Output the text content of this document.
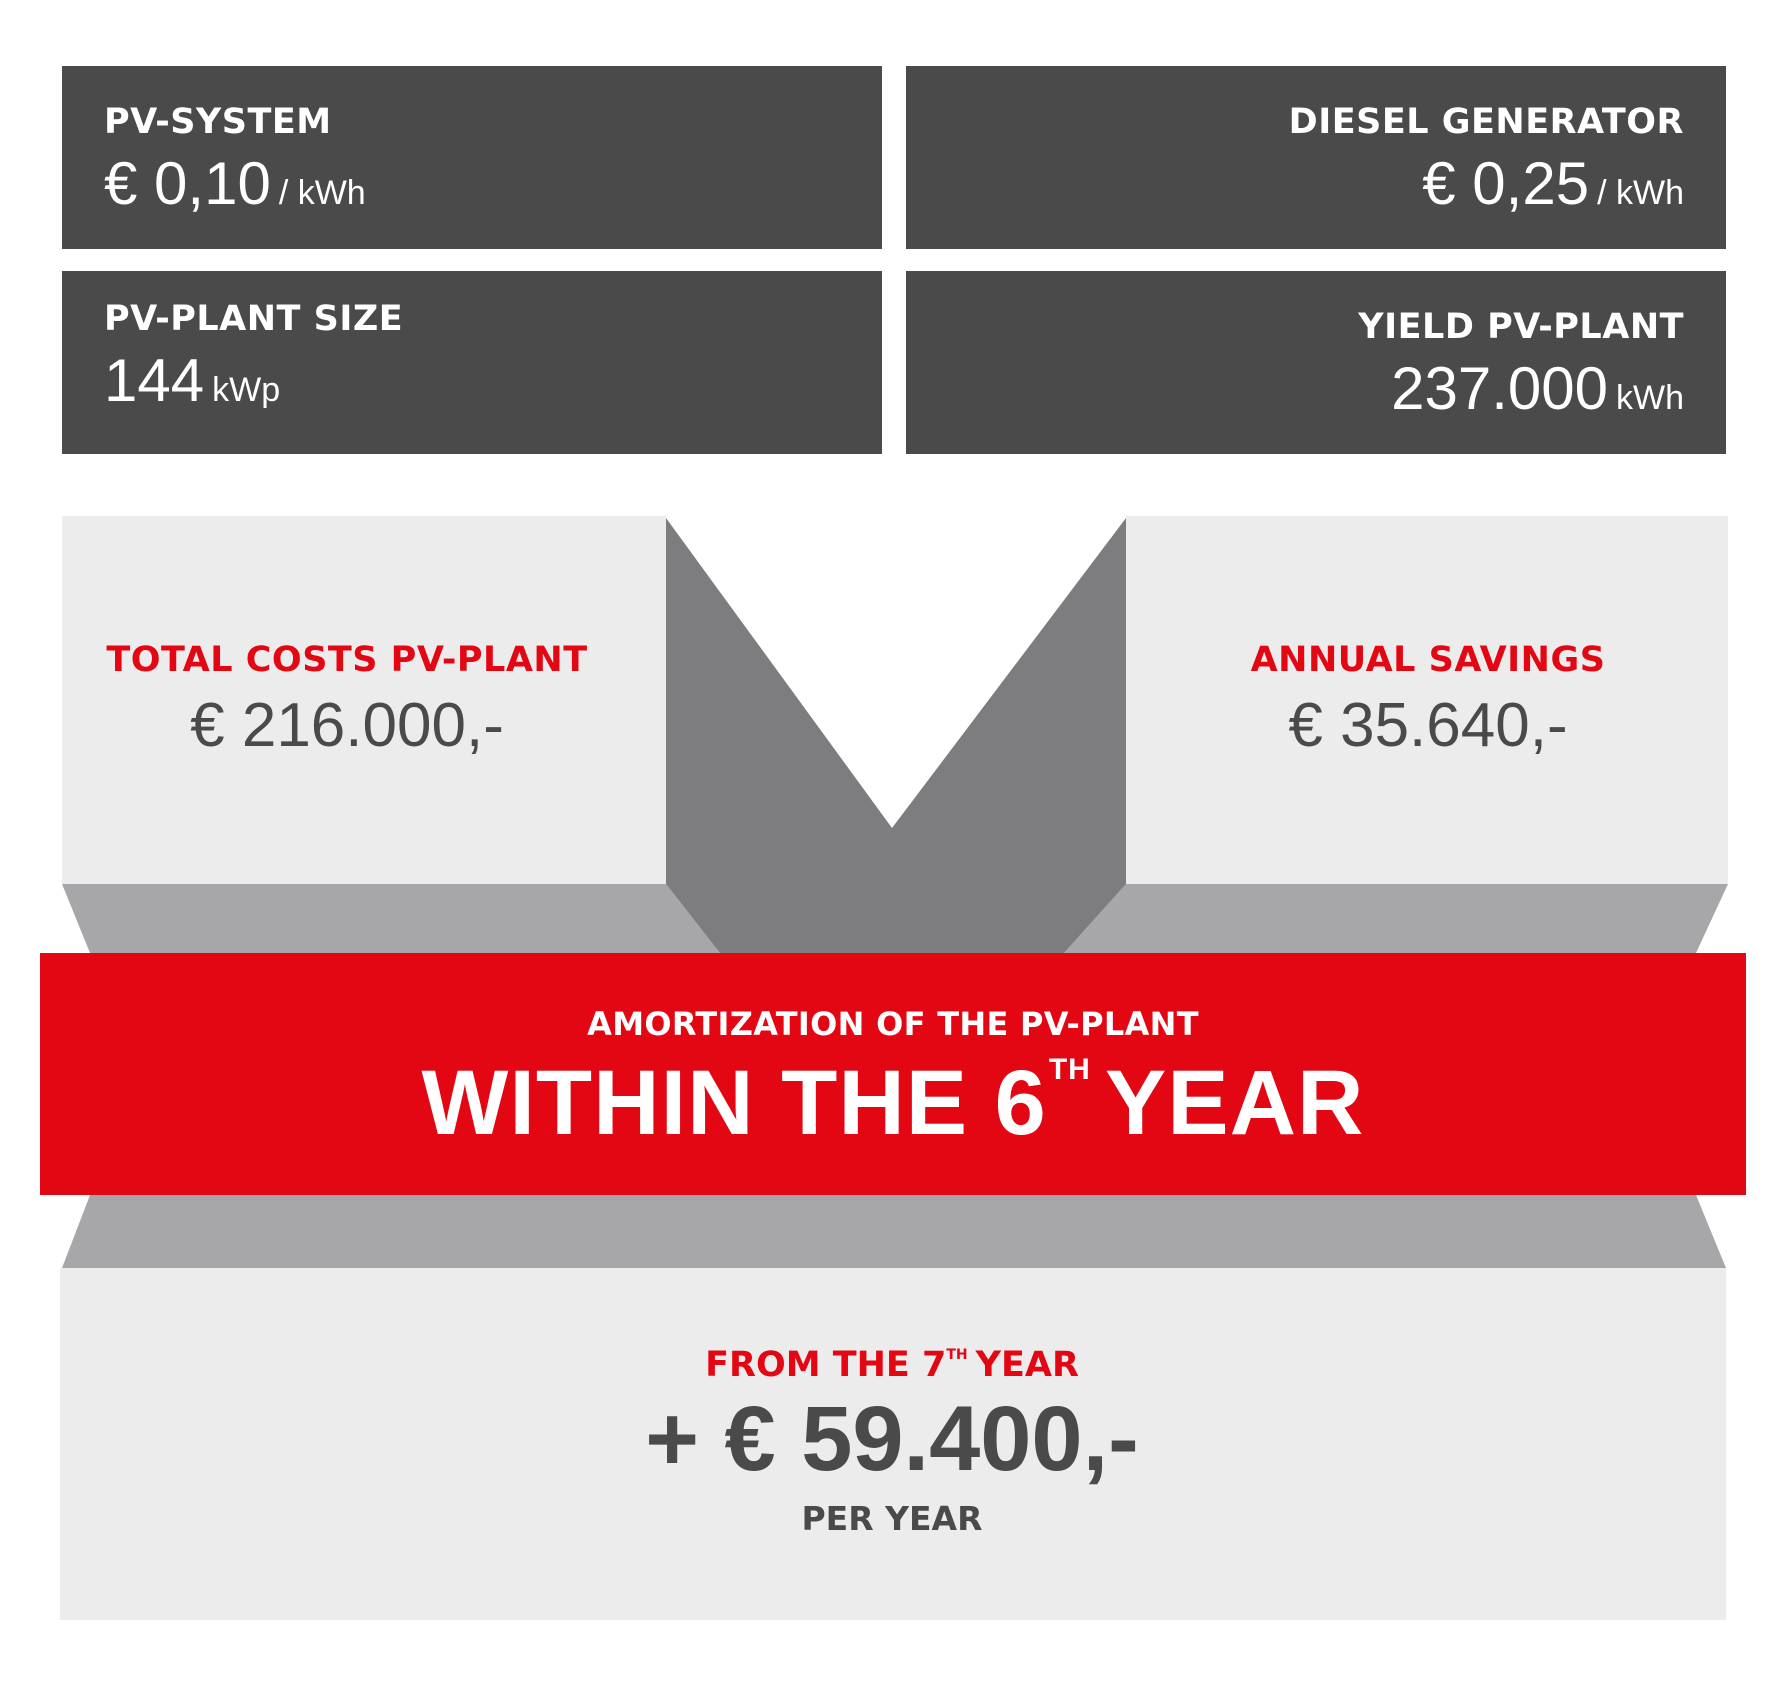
PV-SYSTEM
€ 0,10 / kWh
DIESEL GENERATOR
€ 0,25 / kWh
PV-PLANT SIZE
144 kWp
YIELD PV-PLANT
237.000 kWh
TOTAL COSTS PV-PLANT
€ 216.000,-
ANNUAL SAVINGS
€ 35.640,-
AMORTIZATION OF THE PV-PLANT
WITHIN THE 6TH YEAR
FROM THE 7TH YEAR
+ € 59.400,-
PER YEAR
